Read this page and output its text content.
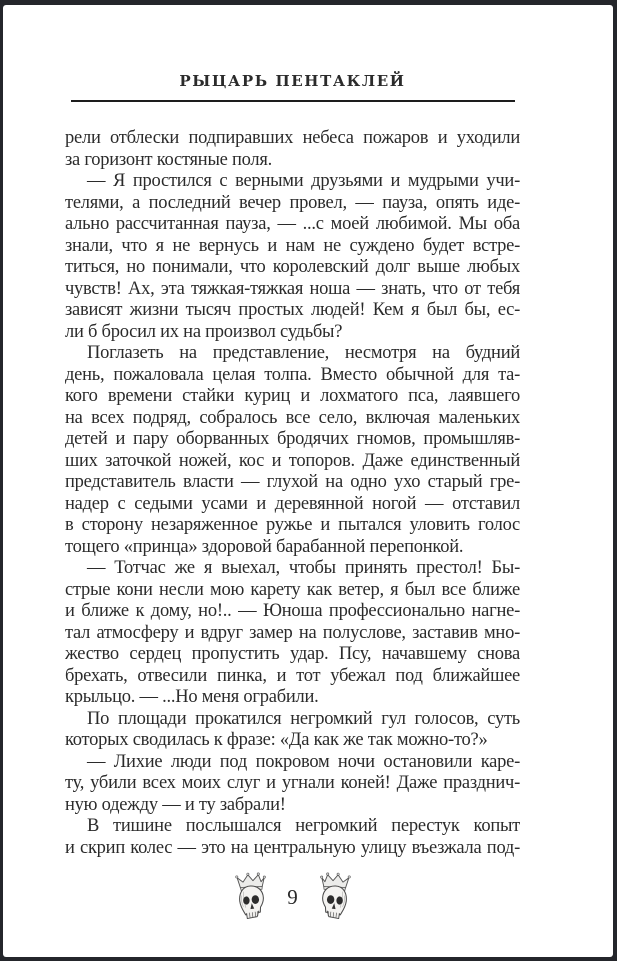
РЫЦАРЬ ПЕНТАКЛЕЙ
рели отблески подпиравших небеса пожаров и уходили
за горизонт костяные поля.
— Я простился с верными друзьями и мудрыми учи-
телями, а последний вечер провел, — пауза, опять иде-
ально рассчитанная пауза, — ...с моей любимой. Мы оба
знали, что я не вернусь и нам не суждено будет встре-
титься, но понимали, что королевский долг выше любых
чувств! Ах, эта тяжкая-тяжкая ноша — знать, что от тебя
зависят жизни тысяч простых людей! Кем я был бы, ес-
ли б бросил их на произвол судьбы?
Поглазеть на представление, несмотря на будний
день, пожаловала целая толпа. Вместо обычной для та-
кого времени стайки куриц и лохматого пса, лаявшего
на всех подряд, собралось все село, включая маленьких
детей и пару оборванных бродячих гномов, промышляв-
ших заточкой ножей, кос и топоров. Даже единственный
представитель власти — глухой на одно ухо старый гре-
надер с седыми усами и деревянной ногой — отставил
в сторону незаряженное ружье и пытался уловить голос
тощего «принца» здоровой барабанной перепонкой.
— Тотчас же я выехал, чтобы принять престол! Бы-
стрые кони несли мою карету как ветер, я был все ближе
и ближе к дому, но!.. — Юноша профессионально нагне-
тал атмосферу и вдруг замер на полуслове, заставив мно-
жество сердец пропустить удар. Псу, начавшему снова
брехать, отвесили пинка, и тот убежал под ближайшее
крыльцо. — ...Но меня ограбили.
По площади прокатился негромкий гул голосов, суть
которых сводилась к фразе: «Да как же так можно-то?»
— Лихие люди под покровом ночи остановили каре-
ту, убили всех моих слуг и угнали коней! Даже празднич-
ную одежду — и ту забрали!
В тишине послышался негромкий перестук копыт
и скрип колес — это на центральную улицу въезжала под-
9
